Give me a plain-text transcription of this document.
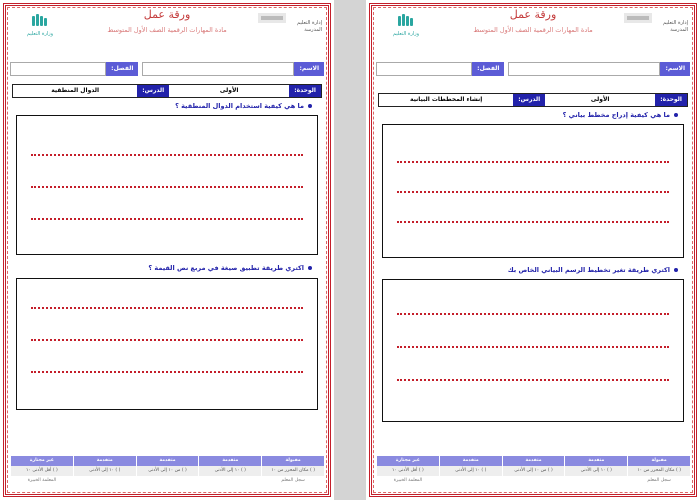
وزارة التعليم
إدارة التعليم
المدرسة
ورقة عمل
مادة المهارات الرقمية الصف الأول المتوسط
الاسم:
الفصل:
الوحدة:
الأولى
الدرس:
الدوال المنطقية
ما هي كيفية استخدام الدوال المنطقية ؟
اكتري طريقة تطبيق صيغة في مربع نص القيمة ؟
مقبولة
متقدمة
متقدمة
متقدمة
غير مجتازة
( ) مكان المحرر من ١٠
( ) ١٠ إلى الأدنى
( ) من ١٠ إلى الأدنى
( ) ١٠ إلى الأدنى
( ) أقل الأدنى ١٠
سجل المعلم
المعلمة الخبيرة
وزارة التعليم
إدارة التعليم
المدرسة
ورقة عمل
مادة المهارات الرقمية الصف الأول المتوسط
الاسم:
الفصل:
الوحدة:
الأولى
الدرس:
إنشاء المخططات البيانية
ما هي كيفية إدراج مخطط بياني ؟
اكتري طريقة تغير تخطيط الرسم البياني الخاص بك
مقبولة
متقدمة
متقدمة
متقدمة
غير مجتازة
( ) مكان المحرر من ١٠
( ) ١٠ إلى الأدنى
( ) من ١٠ إلى الأدنى
( ) ١٠ إلى الأدنى
( ) أقل الأدنى ١٠
سجل المعلم
المعلمة الخبيرة
